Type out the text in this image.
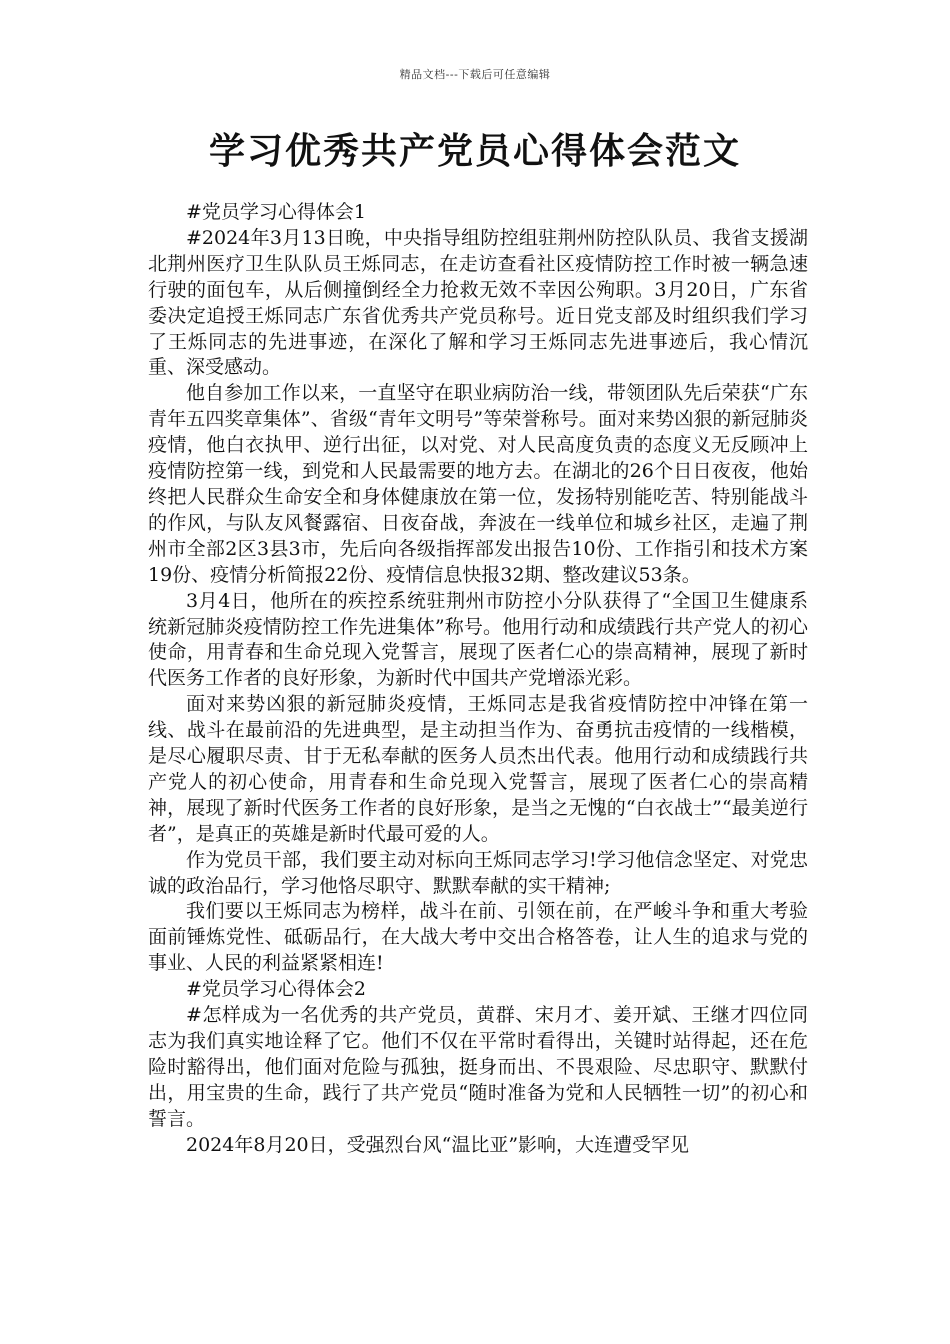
精品文档---下载后可任意编辑
学习优秀共产党员心得体会范文

#党员学习心得体会1

#2024年3月13日晚，中央指导组防控组驻荆州防控队队员、我省支援湖北荆州医疗卫生队队员王烁同志，在走访查看社区疫情防控工作时被一辆急速行驶的面包车，从后侧撞倒经全力抢救无效不幸因公殉职。3月20日，广东省委决定追授王烁同志广东省优秀共产党员称号。近日党支部及时组织我们学习了王烁同志的先进事迹，在深化了解和学习王烁同志先进事迹后，我心情沉重、深受感动。

他自参加工作以来，一直坚守在职业病防治一线，带领团队先后荣获“广东青年五四奖章集体”、省级“青年文明号”等荣誉称号。面对来势凶狠的新冠肺炎疫情，他白衣执甲、逆行出征，以对党、对人民高度负责的态度义无反顾冲上疫情防控第一线，到党和人民最需要的地方去。在湖北的26个日日夜夜，他始终把人民群众生命安全和身体健康放在第一位，发扬特别能吃苦、特别能战斗的作风，与队友风餐露宿、日夜奋战，奔波在一线单位和城乡社区，走遍了荆州市全部2区3县3市，先后向各级指挥部发出报告10份、工作指引和技术方案19份、疫情分析简报22份、疫情信息快报32期、整改建议53条。

3月4日，他所在的疾控系统驻荆州市防控小分队获得了“全国卫生健康系统新冠肺炎疫情防控工作先进集体”称号。他用行动和成绩践行共产党人的初心使命，用青春和生命兑现入党誓言，展现了医者仁心的崇高精神，展现了新时代医务工作者的良好形象，为新时代中国共产党增添光彩。

面对来势凶狠的新冠肺炎疫情，王烁同志是我省疫情防控中冲锋在第一线、战斗在最前沿的先进典型，是主动担当作为、奋勇抗击疫情的一线楷模，是尽心履职尽责、甘于无私奉献的医务人员杰出代表。他用行动和成绩践行共产党人的初心使命，用青春和生命兑现入党誓言，展现了医者仁心的崇高精神，展现了新时代医务工作者的良好形象，是当之无愧的“白衣战士”“最美逆行者”，是真正的英雄是新时代最可爱的人。

作为党员干部，我们要主动对标向王烁同志学习!学习他信念坚定、对党忠诚的政治品行，学习他恪尽职守、默默奉献的实干精神;

我们要以王烁同志为榜样，战斗在前、引领在前，在严峻斗争和重大考验面前锤炼党性、砥砺品行，在大战大考中交出合格答卷，让人生的追求与党的事业、人民的利益紧紧相连!

#党员学习心得体会2

#怎样成为一名优秀的共产党员，黄群、宋月才、姜开斌、王继才四位同志为我们真实地诠释了它。他们不仅在平常时看得出，关键时站得起，还在危险时豁得出，他们面对危险与孤独，挺身而出、不畏艰险、尽忠职守、默默付出，用宝贵的生命，践行了共产党员“随时准备为党和人民牺牲一切”的初心和誓言。

2024年8月20日，受强烈台风“温比亚”影响，大连遭受罕见
